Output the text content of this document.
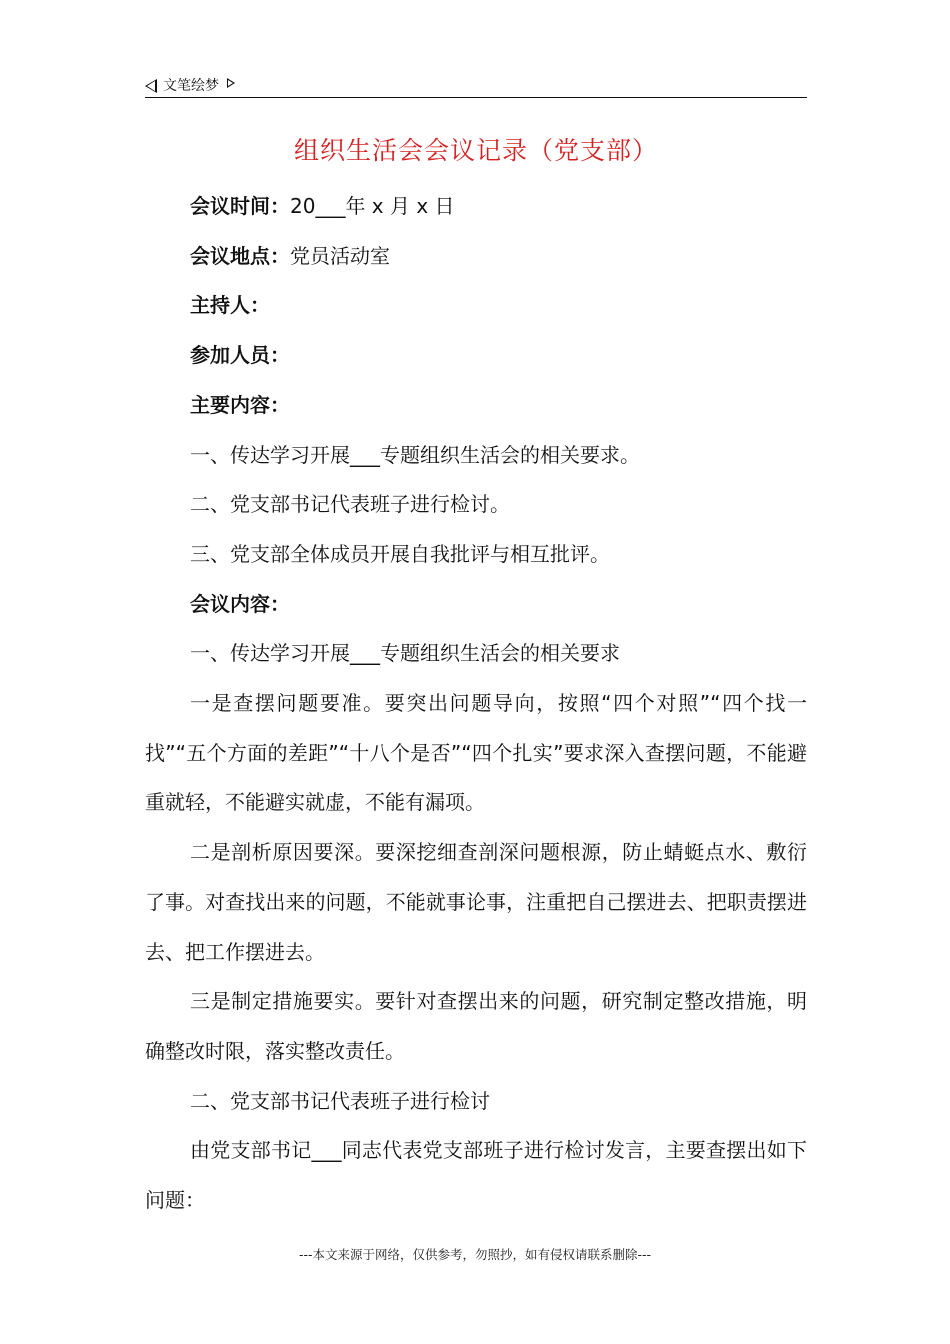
文笔绘梦
组织生活会会议记录（党支部）

会议时间：20___年 x 月 x 日

会议地点：党员活动室

主持人：

参加人员：

主要内容：

一、传达学习开展___专题组织生活会的相关要求。

二、党支部书记代表班子进行检讨。

三、党支部全体成员开展自我批评与相互批评。

会议内容：

一、传达学习开展___专题组织生活会的相关要求

一是查摆问题要准。要突出问题导向，按照“四个对照”“四个找一找”“五个方面的差距”“十八个是否”“四个扎实”要求深入查摆问题，不能避重就轻，不能避实就虚，不能有漏项。

二是剖析原因要深。要深挖细查剖深问题根源，防止蜻蜓点水、敷衍了事。对查找出来的问题，不能就事论事，注重把自己摆进去、把职责摆进去、把工作摆进去。

三是制定措施要实。要针对查摆出来的问题，研究制定整改措施，明确整改时限，落实整改责任。

二、党支部书记代表班子进行检讨

由党支部书记___同志代表党支部班子进行检讨发言，主要查摆出如下问题：

---本文来源于网络，仅供参考，勿照抄，如有侵权请联系删除---
